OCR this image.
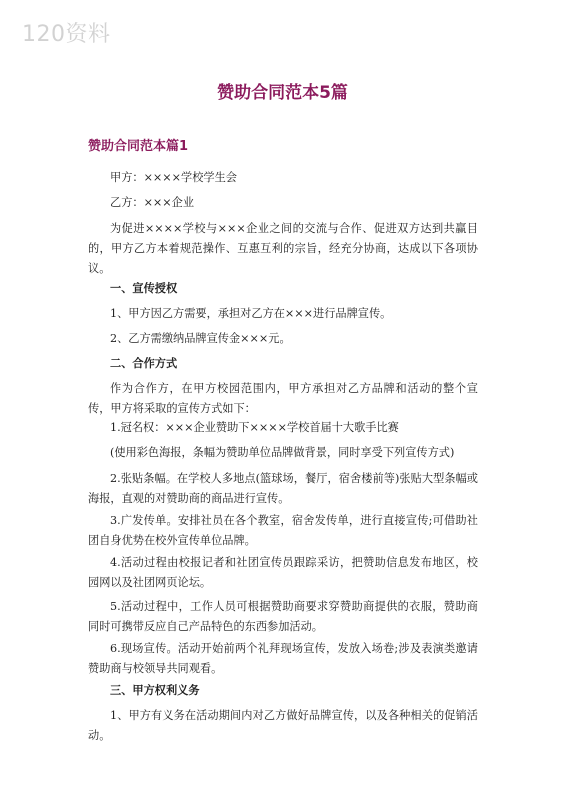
120资料
赞助合同范本5篇
赞助合同范本篇1

甲方：××××学校学生会

乙方：×××企业

为促进××××学校与×××企业之间的交流与合作、促进双方达到共赢目的，甲方乙方本着规范操作、互惠互利的宗旨，经充分协商，达成以下各项协议。

一、宣传授权

1、甲方因乙方需要，承担对乙方在×××进行品牌宣传。

2、乙方需缴纳品牌宣传金×××元。

二、合作方式

作为合作方，在甲方校园范围内，甲方承担对乙方品牌和活动的整个宣传，甲方将采取的宣传方式如下：

1.冠名权：×××企业赞助下××××学校首届十大歌手比赛

(使用彩色海报，条幅为赞助单位品牌做背景，同时享受下列宣传方式)

2.张贴条幅。在学校人多地点(篮球场，餐厅，宿舍楼前等)张贴大型条幅或海报，直观的对赞助商的商品进行宣传。

3.广发传单。安排社员在各个教室，宿舍发传单，进行直接宣传;可借助社团自身优势在校外宣传单位品牌。

4.活动过程由校报记者和社团宣传员跟踪采访，把赞助信息发布地区，校园网以及社团网页论坛。

5.活动过程中，工作人员可根据赞助商要求穿赞助商提供的衣服，赞助商同时可携带反应自己产品特色的东西参加活动。

6.现场宣传。活动开始前两个礼拜现场宣传，发放入场卷;涉及表演类邀请赞助商与校领导共同观看。

三、甲方权利义务

1、甲方有义务在活动期间内对乙方做好品牌宣传，以及各种相关的促销活动。
